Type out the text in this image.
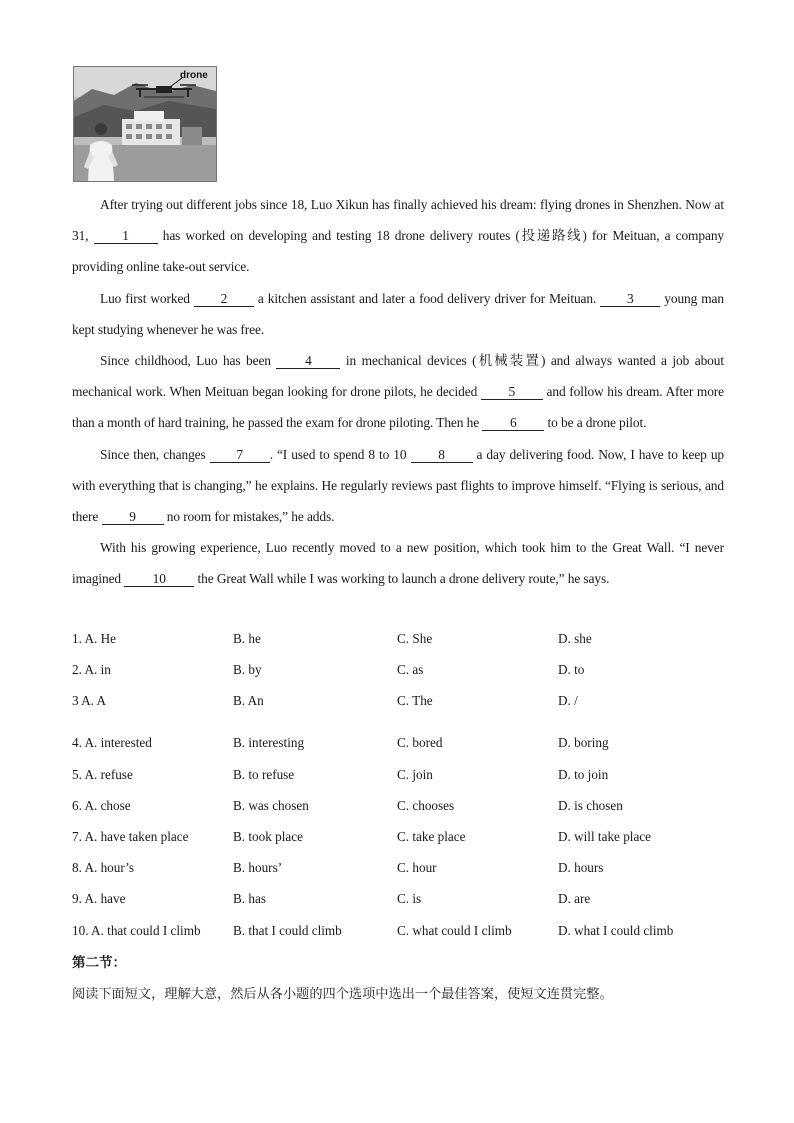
drone

After trying out different jobs since 18, Luo Xikun has finally achieved his dream: flying drones in Shenzhen. Now at 31, 1 has worked on developing and testing 18 drone delivery routes (投递路线) for Meituan, a company providing online take-out service.

Luo first worked 2 a kitchen assistant and later a food delivery driver for Meituan. 3 young man kept studying whenever he was free.

Since childhood, Luo has been 4 in mechanical devices (机械装置) and always wanted a job about mechanical work. When Meituan began looking for drone pilots, he decided 5 and follow his dream. After more than a month of hard training, he passed the exam for drone piloting. Then he 6 to be a drone pilot.

Since then, changes 7 . “I used to spend 8 to 10 8 a day delivering food. Now, I have to keep up with everything that is changing,” he explains. He regularly reviews past flights to improve himself. “Flying is serious, and there 9 no room for mistakes,” he adds.

With his growing experience, Luo recently moved to a new position, which took him to the Great Wall. “I never imagined 10 the Great Wall while I was working to launch a drone delivery route,” he says.

1. A. He	B. he	C. She	D. she
2. A. in	B. by	C. as	D. to
3 A. A	B. An	C. The	D. /
4. A. interested	B. interesting	C. bored	D. boring
5. A. refuse	B. to refuse	C. join	D. to join
6. A. chose	B. was chosen	C. chooses	D. is chosen
7. A. have taken place	B. took place	C. take place	D. will take place
8. A. hour’s	B. hours’	C. hour	D. hours
9. A. have	B. has	C. is	D. are
10. A. that could I climb B. that I could climb	C. what could I climb	D. what I could climb
第二节：
阅读下面短文，理解大意，然后从各小题的四个选项中选出一个最佳答案，使短文连贯完整。
